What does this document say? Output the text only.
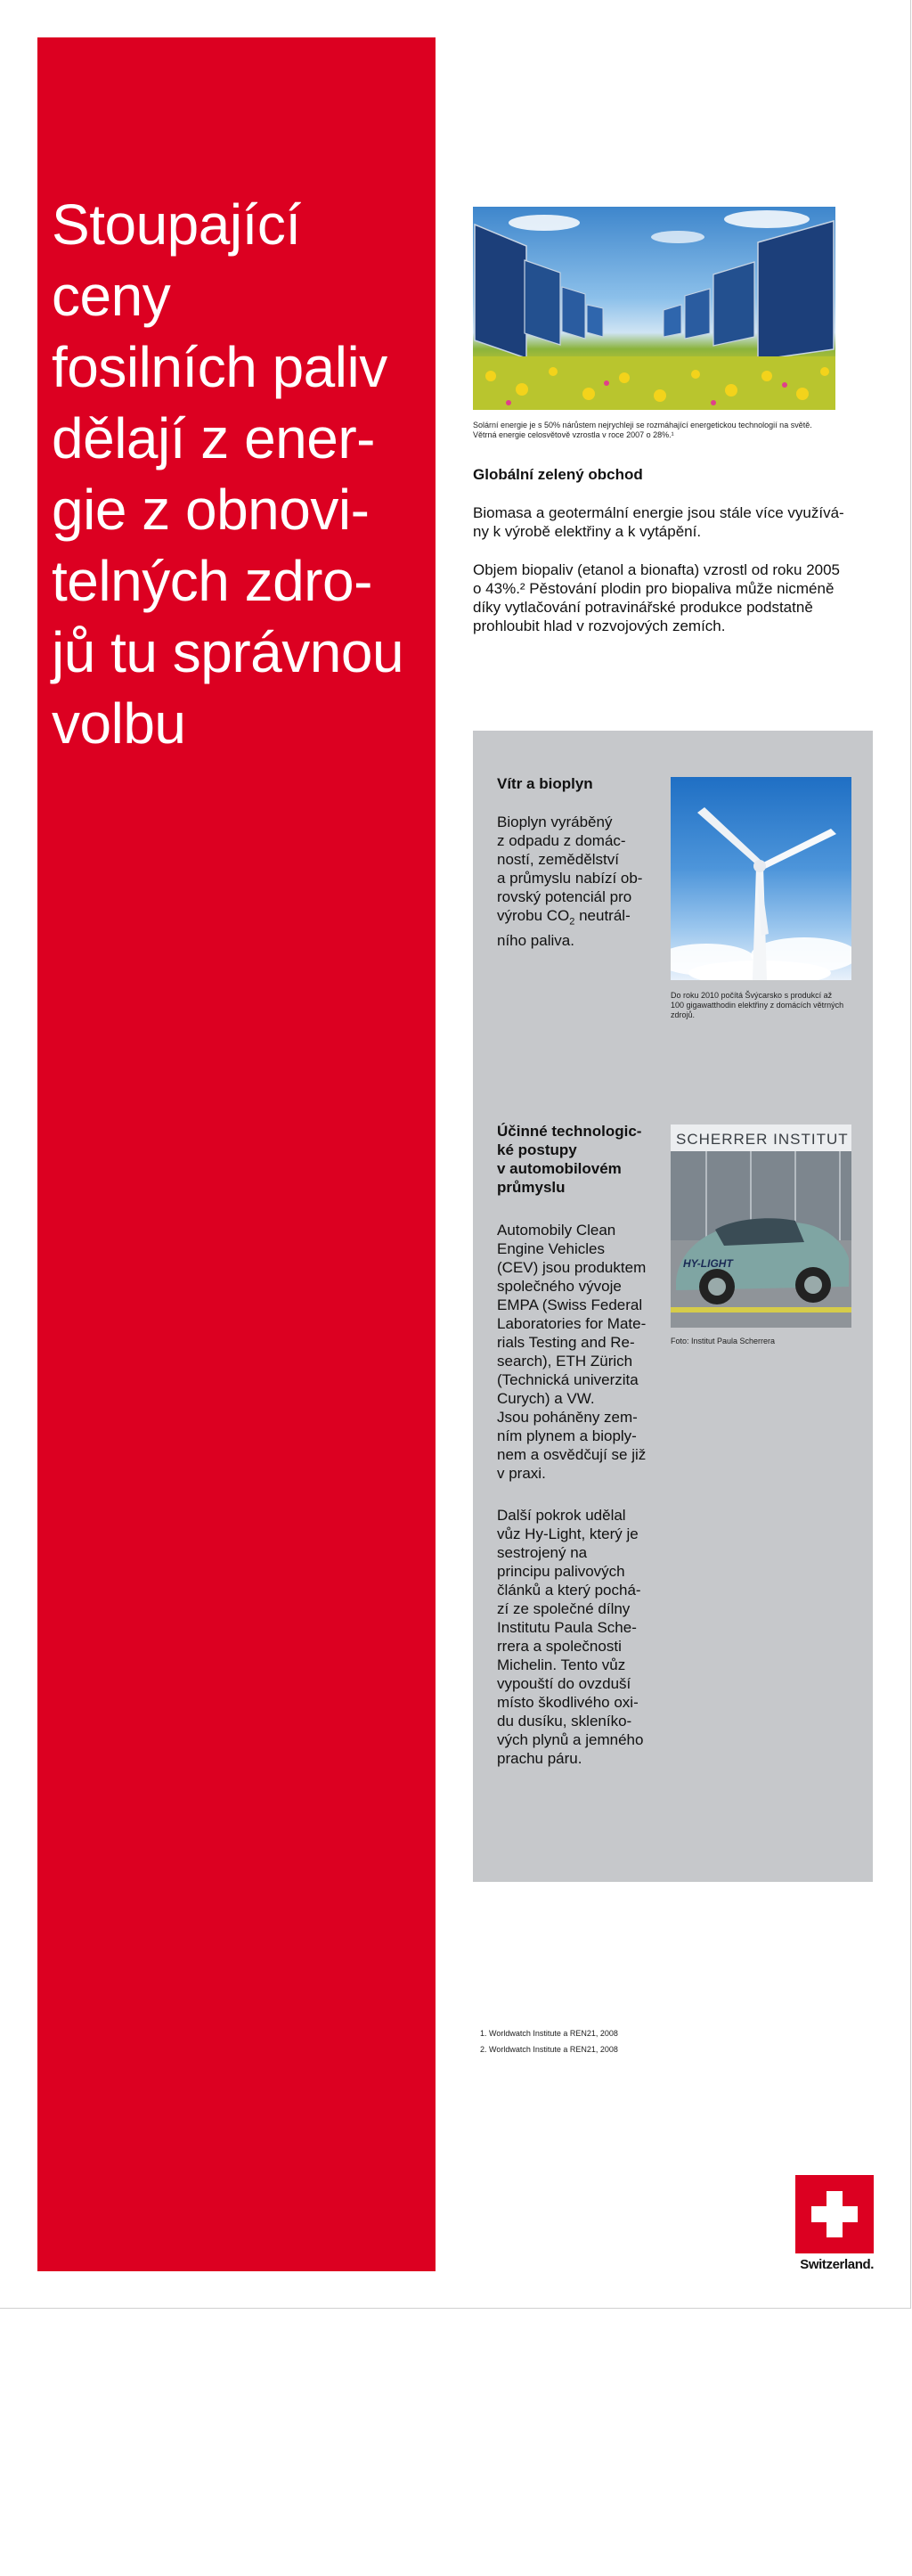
Stoupající
ceny
fosilních paliv
dělají z ener-
gie z obnovi-
telných zdro-
jů tu správnou
volbu
Solární energie je s 50% nárůstem nejrychleji se rozmáhající energetickou technologií na světě.
Větrná energie celosvětově vzrostla v roce 2007 o 28%.¹
Globální zelený obchod

Biomasa a geotermální energie jsou stále více využívá-
ny k výrobě elektřiny a k vytápění.

Objem biopaliv (etanol a bionafta) vzrostl od roku 2005
o 43%.² Pěstování plodin pro biopaliva může nicméně
díky vytlačování potravinářské produkce podstatně
prohloubit hlad v rozvojových zemích.

Vítr a bioplyn

Bioplyn vyráběný
z odpadu z domác-
ností, zemědělství
a průmyslu nabízí ob-
rovský potenciál pro
výrobu $CO_2$ neutrál-
ního paliva.

Do roku 2010 počítá Švýcarsko s produkcí až
100 gigawatthodin elektřiny z domácích větrných
zdrojů.
Účinné technologic-
ké postupy
v automobilovém
průmyslu

Automobily Clean
Engine Vehicles
(CEV) jsou produktem
společného vývoje
EMPA (Swiss Federal
Laboratories for Mate-
rials Testing and Re-
search), ETH Zürich
(Technická univerzita
Curych) a VW.
Jsou poháněny zem-
ním plynem a bioply-
nem a osvědčují se již
v praxi.

Další pokrok udělal
vůz Hy-Light, který je
sestrojený na
principu palivových
článků a který pochá-
zí ze společné dílny
Institutu Paula Sche-
rrera a společnosti
Michelin. Tento vůz
vypouští do ovzduší
místo škodlivého oxi-
du dusíku, skleníko-
vých plynů a jemného
prachu páru.

SCHERRER INSTITUT
HY-LIGHT
Foto: Institut Paula Scherrera
1. Worldwatch Institute a REN21, 2008
2. Worldwatch Institute a REN21, 2008
Switzerland.
